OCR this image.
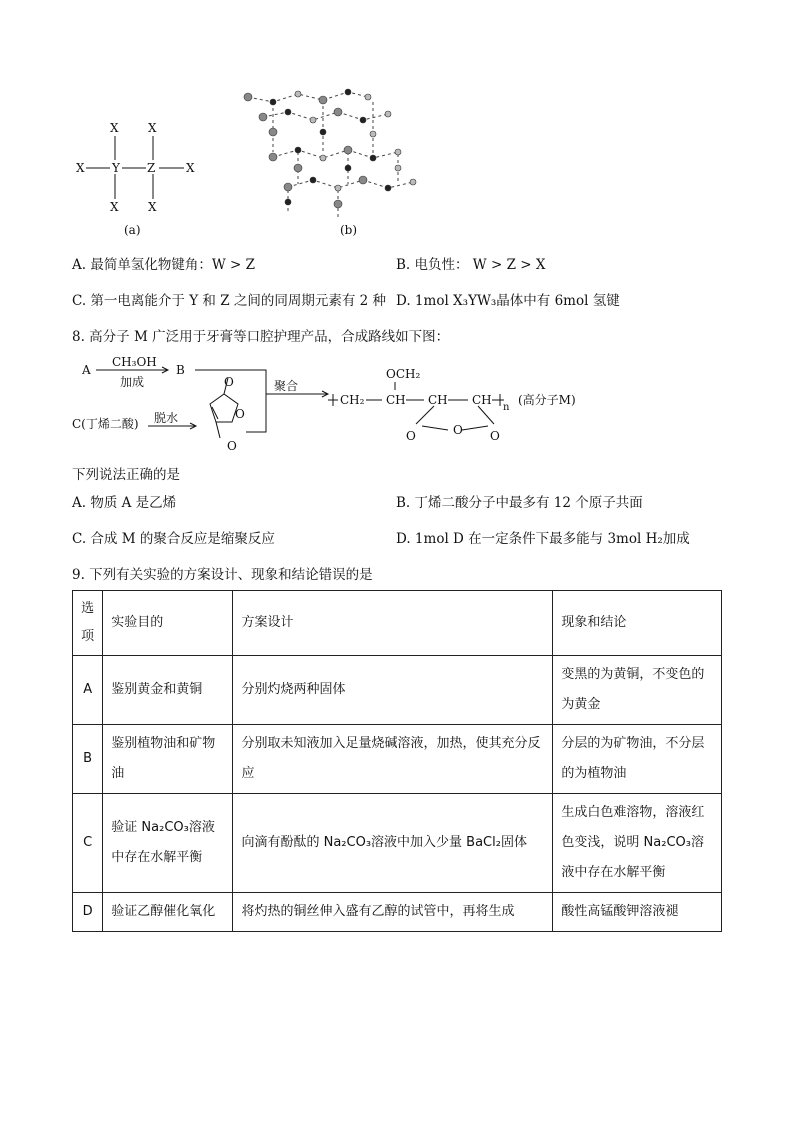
X X
X Y Z	X
X X
(a)	(b)
A. 最简单氢化物键角：W > Z	B. 电负性： W > Z > X
C. 第一电离能介于 Y 和 Z 之间的同周期元素有 2 种 D. 1mol X₃YW₃晶体中有 6mol 氢键
8. 高分子 M 广泛用于牙膏等口腔护理产品，合成路线如下图：
A
CH₃OH
加成
B
C(丁烯二酸) 脱水
聚合
O
O
O
OCH₂
CH₂ CH CH CH
n
(高分子M)
O	O O
下列说法正确的是
A. 物质 A 是乙烯	B. 丁烯二酸分子中最多有 12 个原子共面
C. 合成 M 的聚合反应是缩聚反应	D. 1mol D 在一定条件下最多能与 3mol H₂加成
9. 下列有关实验的方案设计、现象和结论错误的是
选项	实验目的	方案设计	现象和结论
A	鉴别黄金和黄铜	分别灼烧两种固体	变黑的为黄铜，不变色的为黄金
B	鉴别植物油和矿物油	分别取未知液加入足量烧碱溶液，加热，使其充分反应	分层的为矿物油，不分层的为植物油
C	验证 Na₂CO₃溶液中存在水解平衡	向滴有酚酞的 Na₂CO₃溶液中加入少量 BaCl₂固体	生成白色难溶物，溶液红色变浅，说明 Na₂CO₃溶液中存在水解平衡
D	验证乙醇催化氧化	将灼热的铜丝伸入盛有乙醇的试管中，再将生成	酸性高锰酸钾溶液褪
